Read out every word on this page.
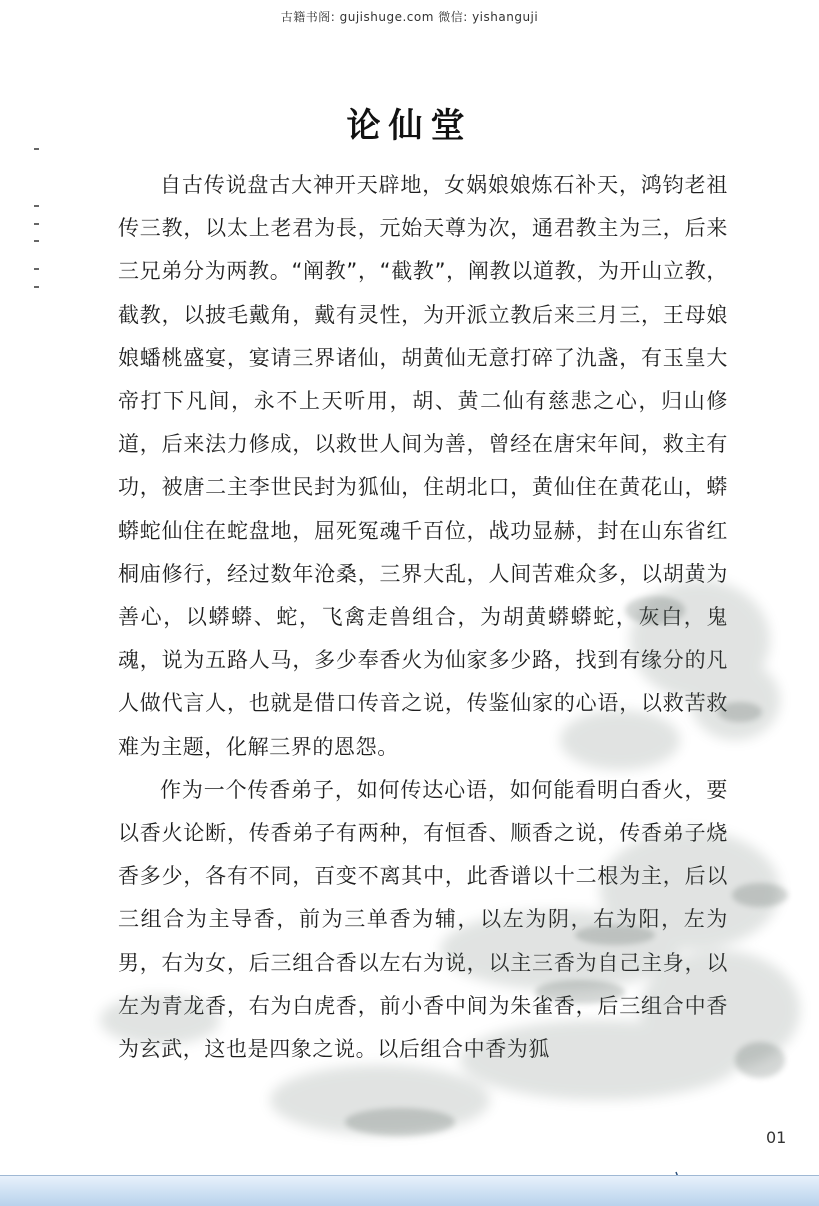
古籍书阁: gujishuge.com 微信: yishanguji
论仙堂

自古传说盘古大神开天辟地，女娲娘娘炼石补天，鸿钧老祖传三教，以太上老君为長，元始天尊为次，通君教主为三，后来三兄弟分为两教。“阐教”，“截教”，阐教以道教，为开山立教，截教，以披毛戴角，戴有灵性，为开派立教后来三月三，王母娘娘蟠桃盛宴，宴请三界诸仙，胡黄仙无意打碎了氿盏，有玉皇大帝打下凡间，永不上天听用，胡、黄二仙有慈悲之心，归山修道，后来法力修成，以救世人间为善，曾经在唐宋年间，救主有功，被唐二主李世民封为狐仙，住胡北口，黄仙住在黄花山，蟒蟒蛇仙住在蛇盘地，屈死冤魂千百位，战功显赫，封在山东省红桐庙修行，经过数年沧桑，三界大乱，人间苦难众多，以胡黄为善心，以蟒蟒、蛇，飞禽走兽组合，为胡黄蟒蟒蛇，灰白，鬼魂，说为五路人马，多少奉香火为仙家多少路，找到有缘分的凡人做代言人，也就是借口传音之说，传鉴仙家的心语，以救苦救难为主题，化解三界的恩怨。

作为一个传香弟子，如何传达心语，如何能看明白香火，要以香火论断，传香弟子有两种，有恒香、顺香之说，传香弟子烧香多少，各有不同，百变不离其中，此香谱以十二根为主，后以三组合为主导香，前为三单香为辅，以左为阴，右为阳，左为男，右为女，后三组合香以左右为说，以主三香为自己主身，以左为青龙香，右为白虎香，前小香中间为朱雀香，后三组合中香为玄武，这也是四象之说。以后组合中香为狐

01
